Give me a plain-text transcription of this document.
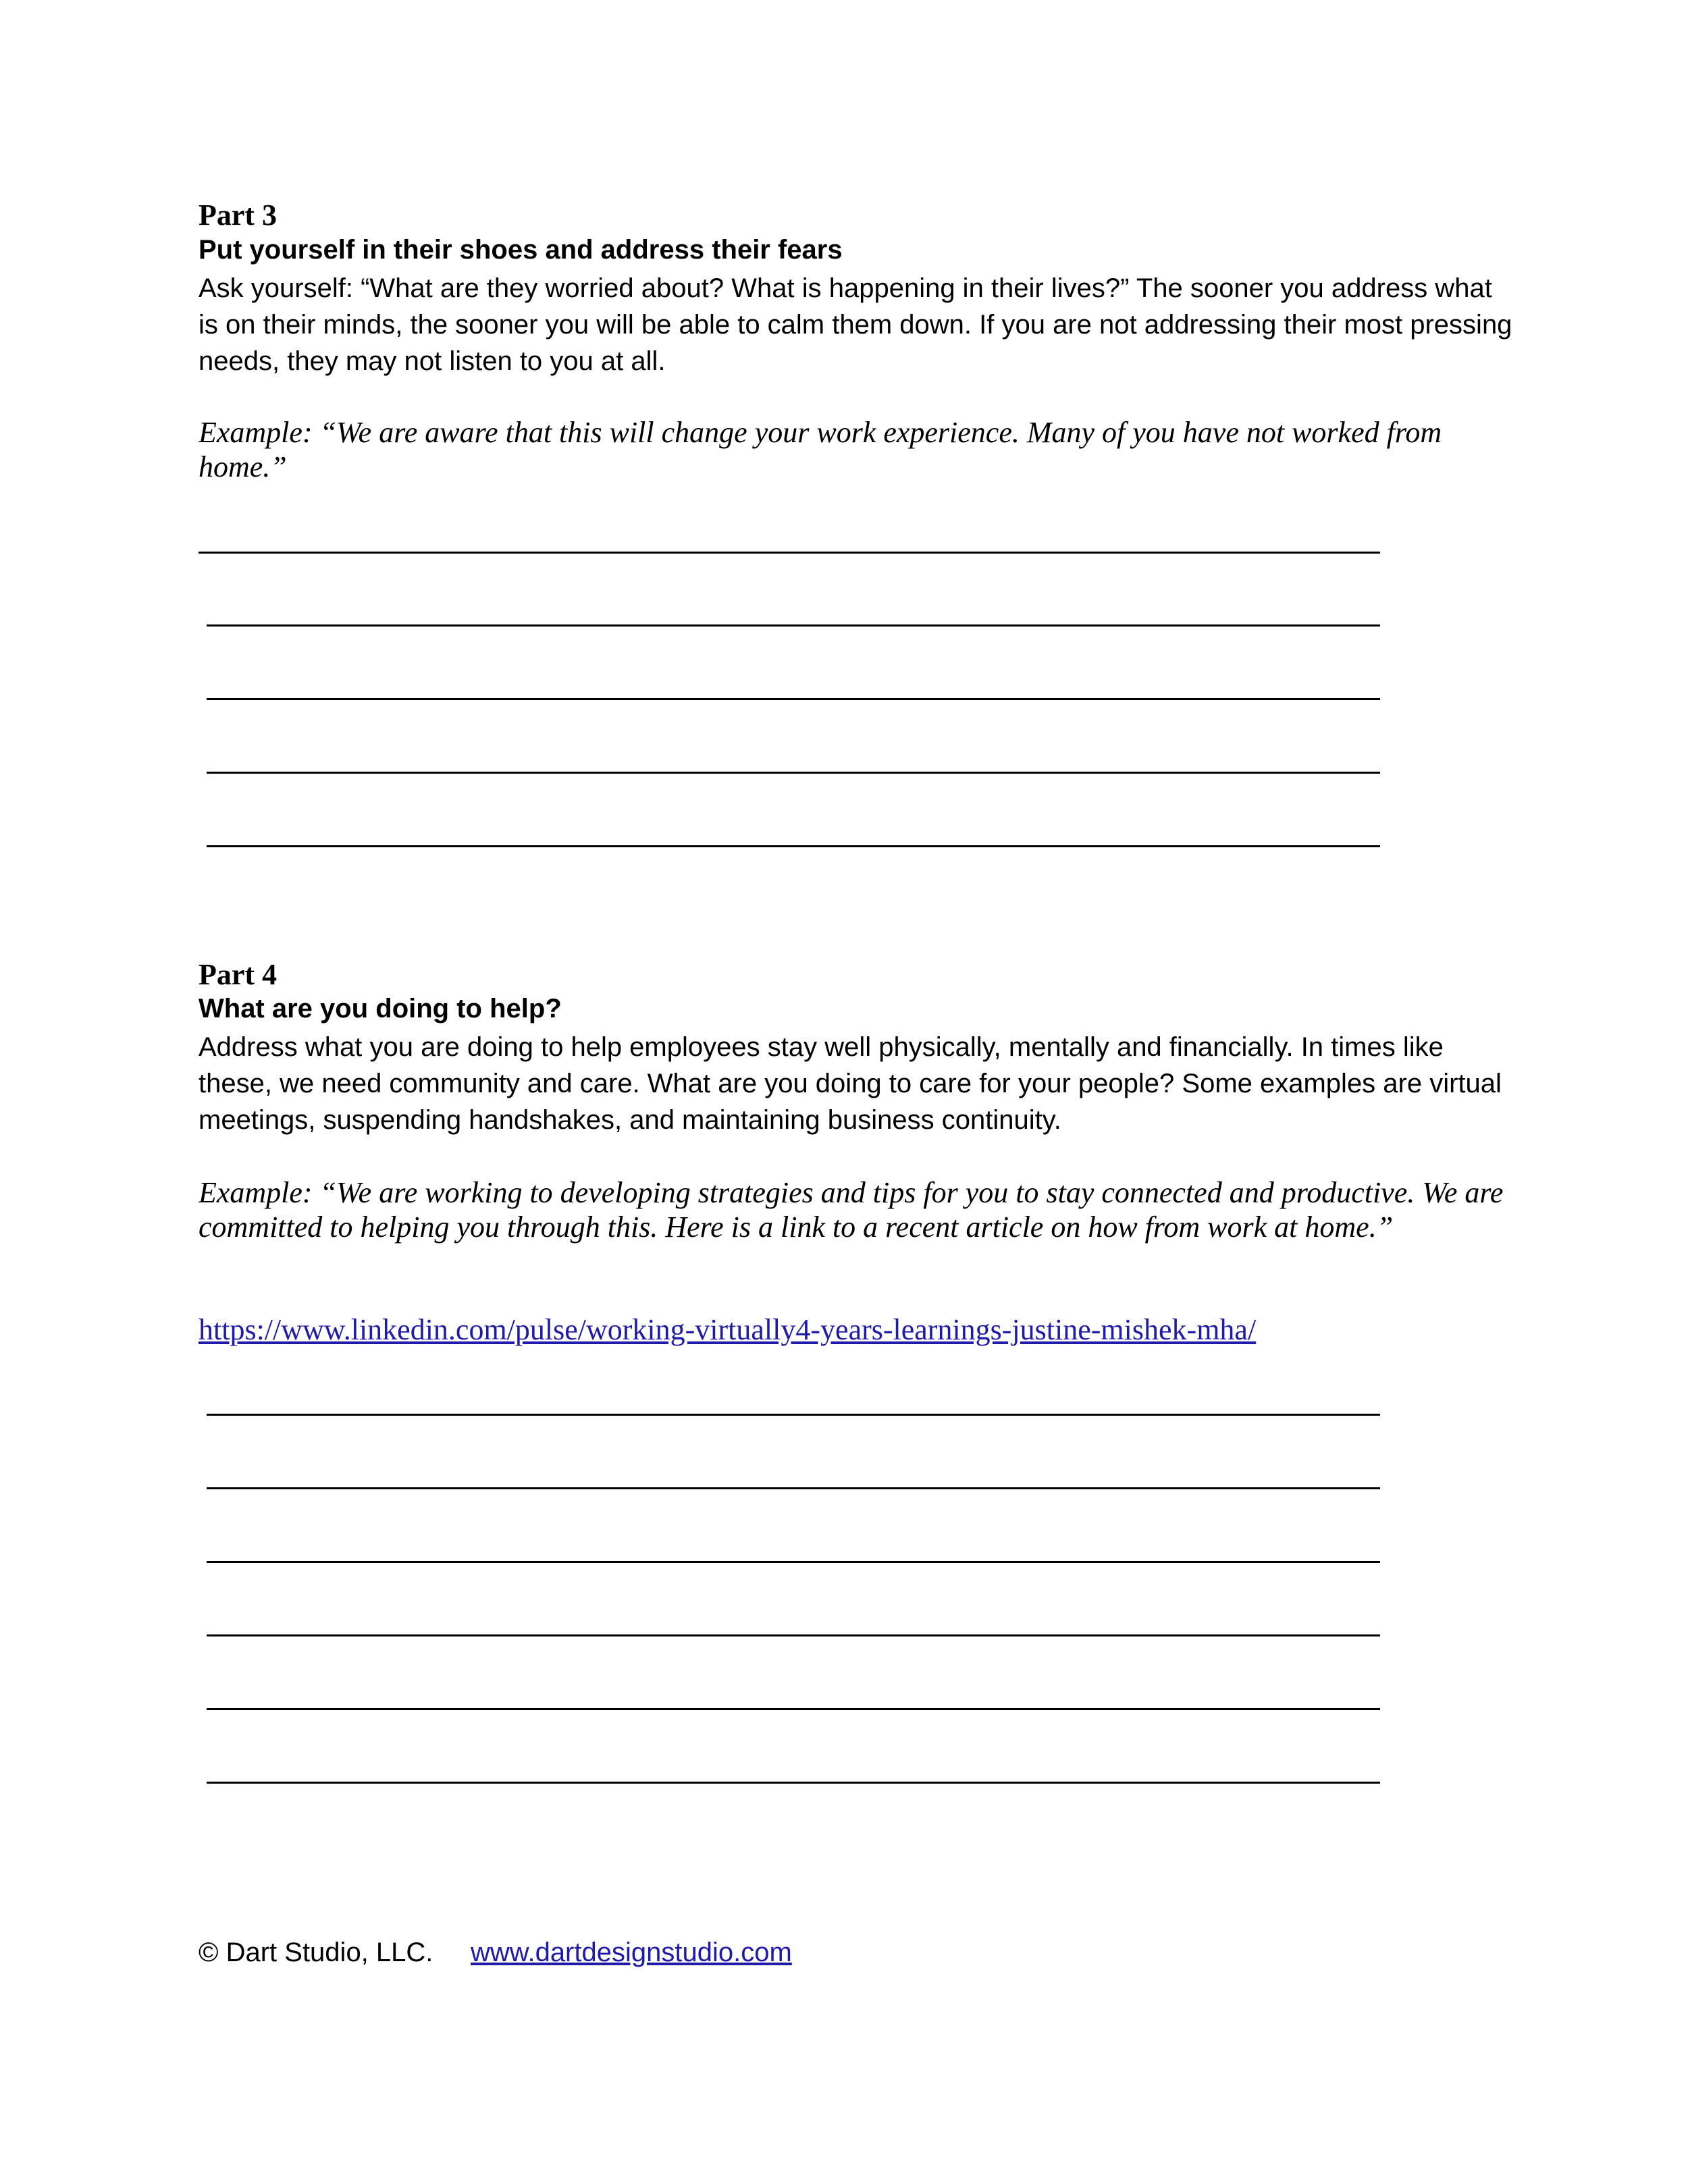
Part 3
Put yourself in their shoes and address their fears
Ask yourself: “What are they worried about? What is happening in their lives?” The sooner you address what is on their minds, the sooner you will be able to calm them down. If you are not addressing their most pressing needs, they may not listen to you at all.
Example: “We are aware that this will change your work experience. Many of you have not worked from home.”
Part 4
What are you doing to help?
Address what you are doing to help employees stay well physically, mentally and financially. In times like these, we need community and care. What are you doing to care for your people? Some examples are virtual meetings, suspending handshakes, and maintaining business continuity.
Example: “We are working to developing strategies and tips for you to stay connected and productive. We are committed to helping you through this. Here is a link to a recent article on how from work at home.”
https://www.linkedin.com/pulse/working-virtually4-years-learnings-justine-mishek-mha/
© Dart Studio, LLC. www.dartdesignstudio.com
